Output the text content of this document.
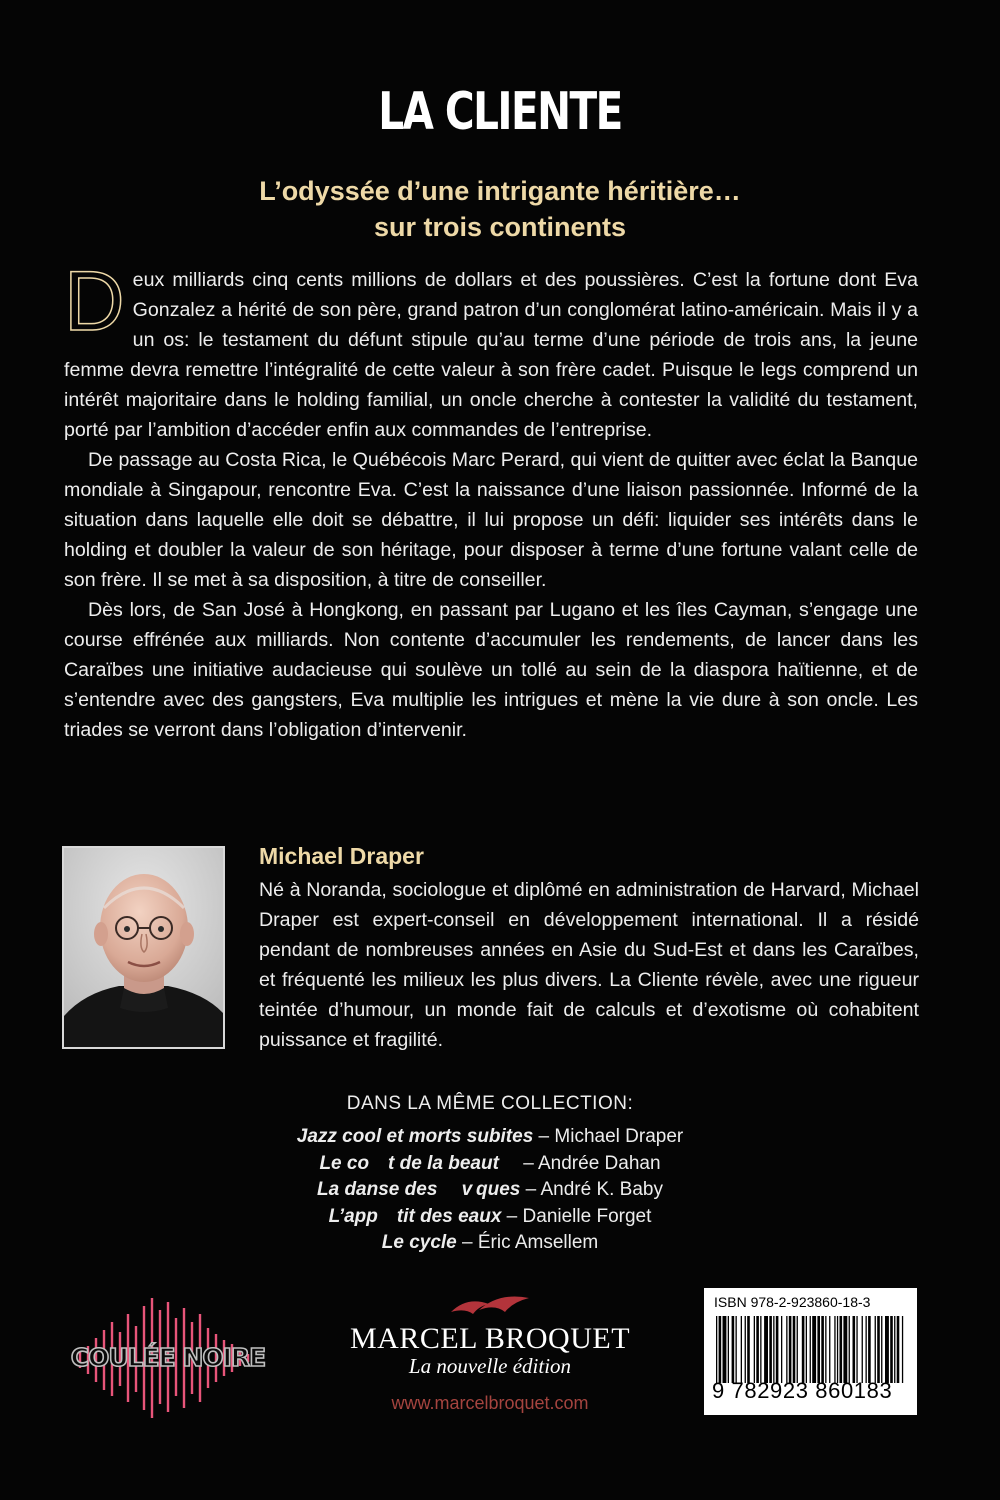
LA CLIENTE
L’odyssée d’une intrigante héritière…
sur trois continents

Deux milliards cinq cents millions de dollars et des poussières. C’est la fortune dont Eva Gonzalez a hérité de son père, grand patron d’un conglomérat latino-américain. Mais il y a un os: le testament du défunt stipule qu’au terme d’une période de trois ans, la jeune femme devra remettre l’intégralité de cette valeur à son frère cadet. Puisque le legs comprend un intérêt majoritaire dans le holding familial, un oncle cherche à contester la validité du testament, porté par l’ambition d’accéder enfin aux commandes de l’entreprise.

De passage au Costa Rica, le Québécois Marc Perard, qui vient de quitter avec éclat la Banque mondiale à Singapour, rencontre Eva. C’est la naissance d’une liaison passionnée. Informé de la situation dans laquelle elle doit se débattre, il lui propose un défi: liquider ses intérêts dans le holding et doubler la valeur de son héritage, pour disposer à terme d’une fortune valant celle de son frère. Il se met à sa disposition, à titre de conseiller.

Dès lors, de San José à Hongkong, en passant par Lugano et les îles Cayman, s’engage une course effrénée aux milliards. Non contente d’accumuler les rendements, de lancer dans les Caraïbes une initiative audacieuse qui soulève un tollé au sein de la diaspora haïtienne, et de s’entendre avec des gangsters, Eva multiplie les intrigues et mène la vie dure à son oncle. Les triades se verront dans l’obligation d’intervenir.

Michael Draper

Né à Noranda, sociologue et diplômé en administration de Harvard, Michael Draper est expert-conseil en développement international. Il a résidé pendant de nombreuses années en Asie du Sud-Est et dans les Caraïbes, et fréquenté les milieux les plus divers. La Cliente révèle, avec une rigueur teintée d’humour, un monde fait de calculs et d’exotisme où cohabitent puissance et fragilité.

DANS LA MÊME COLLECTION:
Jazz cool et morts subites – Michael Draper
Le co t de la beaut  – Andrée Dahan
La danse des  v ques – André K. Baby
L’app tit des eaux – Danielle Forget
Le cycle – Éric Amsellem
COULÉE NOIRE
MARCEL BROQUET
La nouvelle édition
www.marcelbroquet.com

ISBN 978-2-923860-18-3

9 782923 860183
